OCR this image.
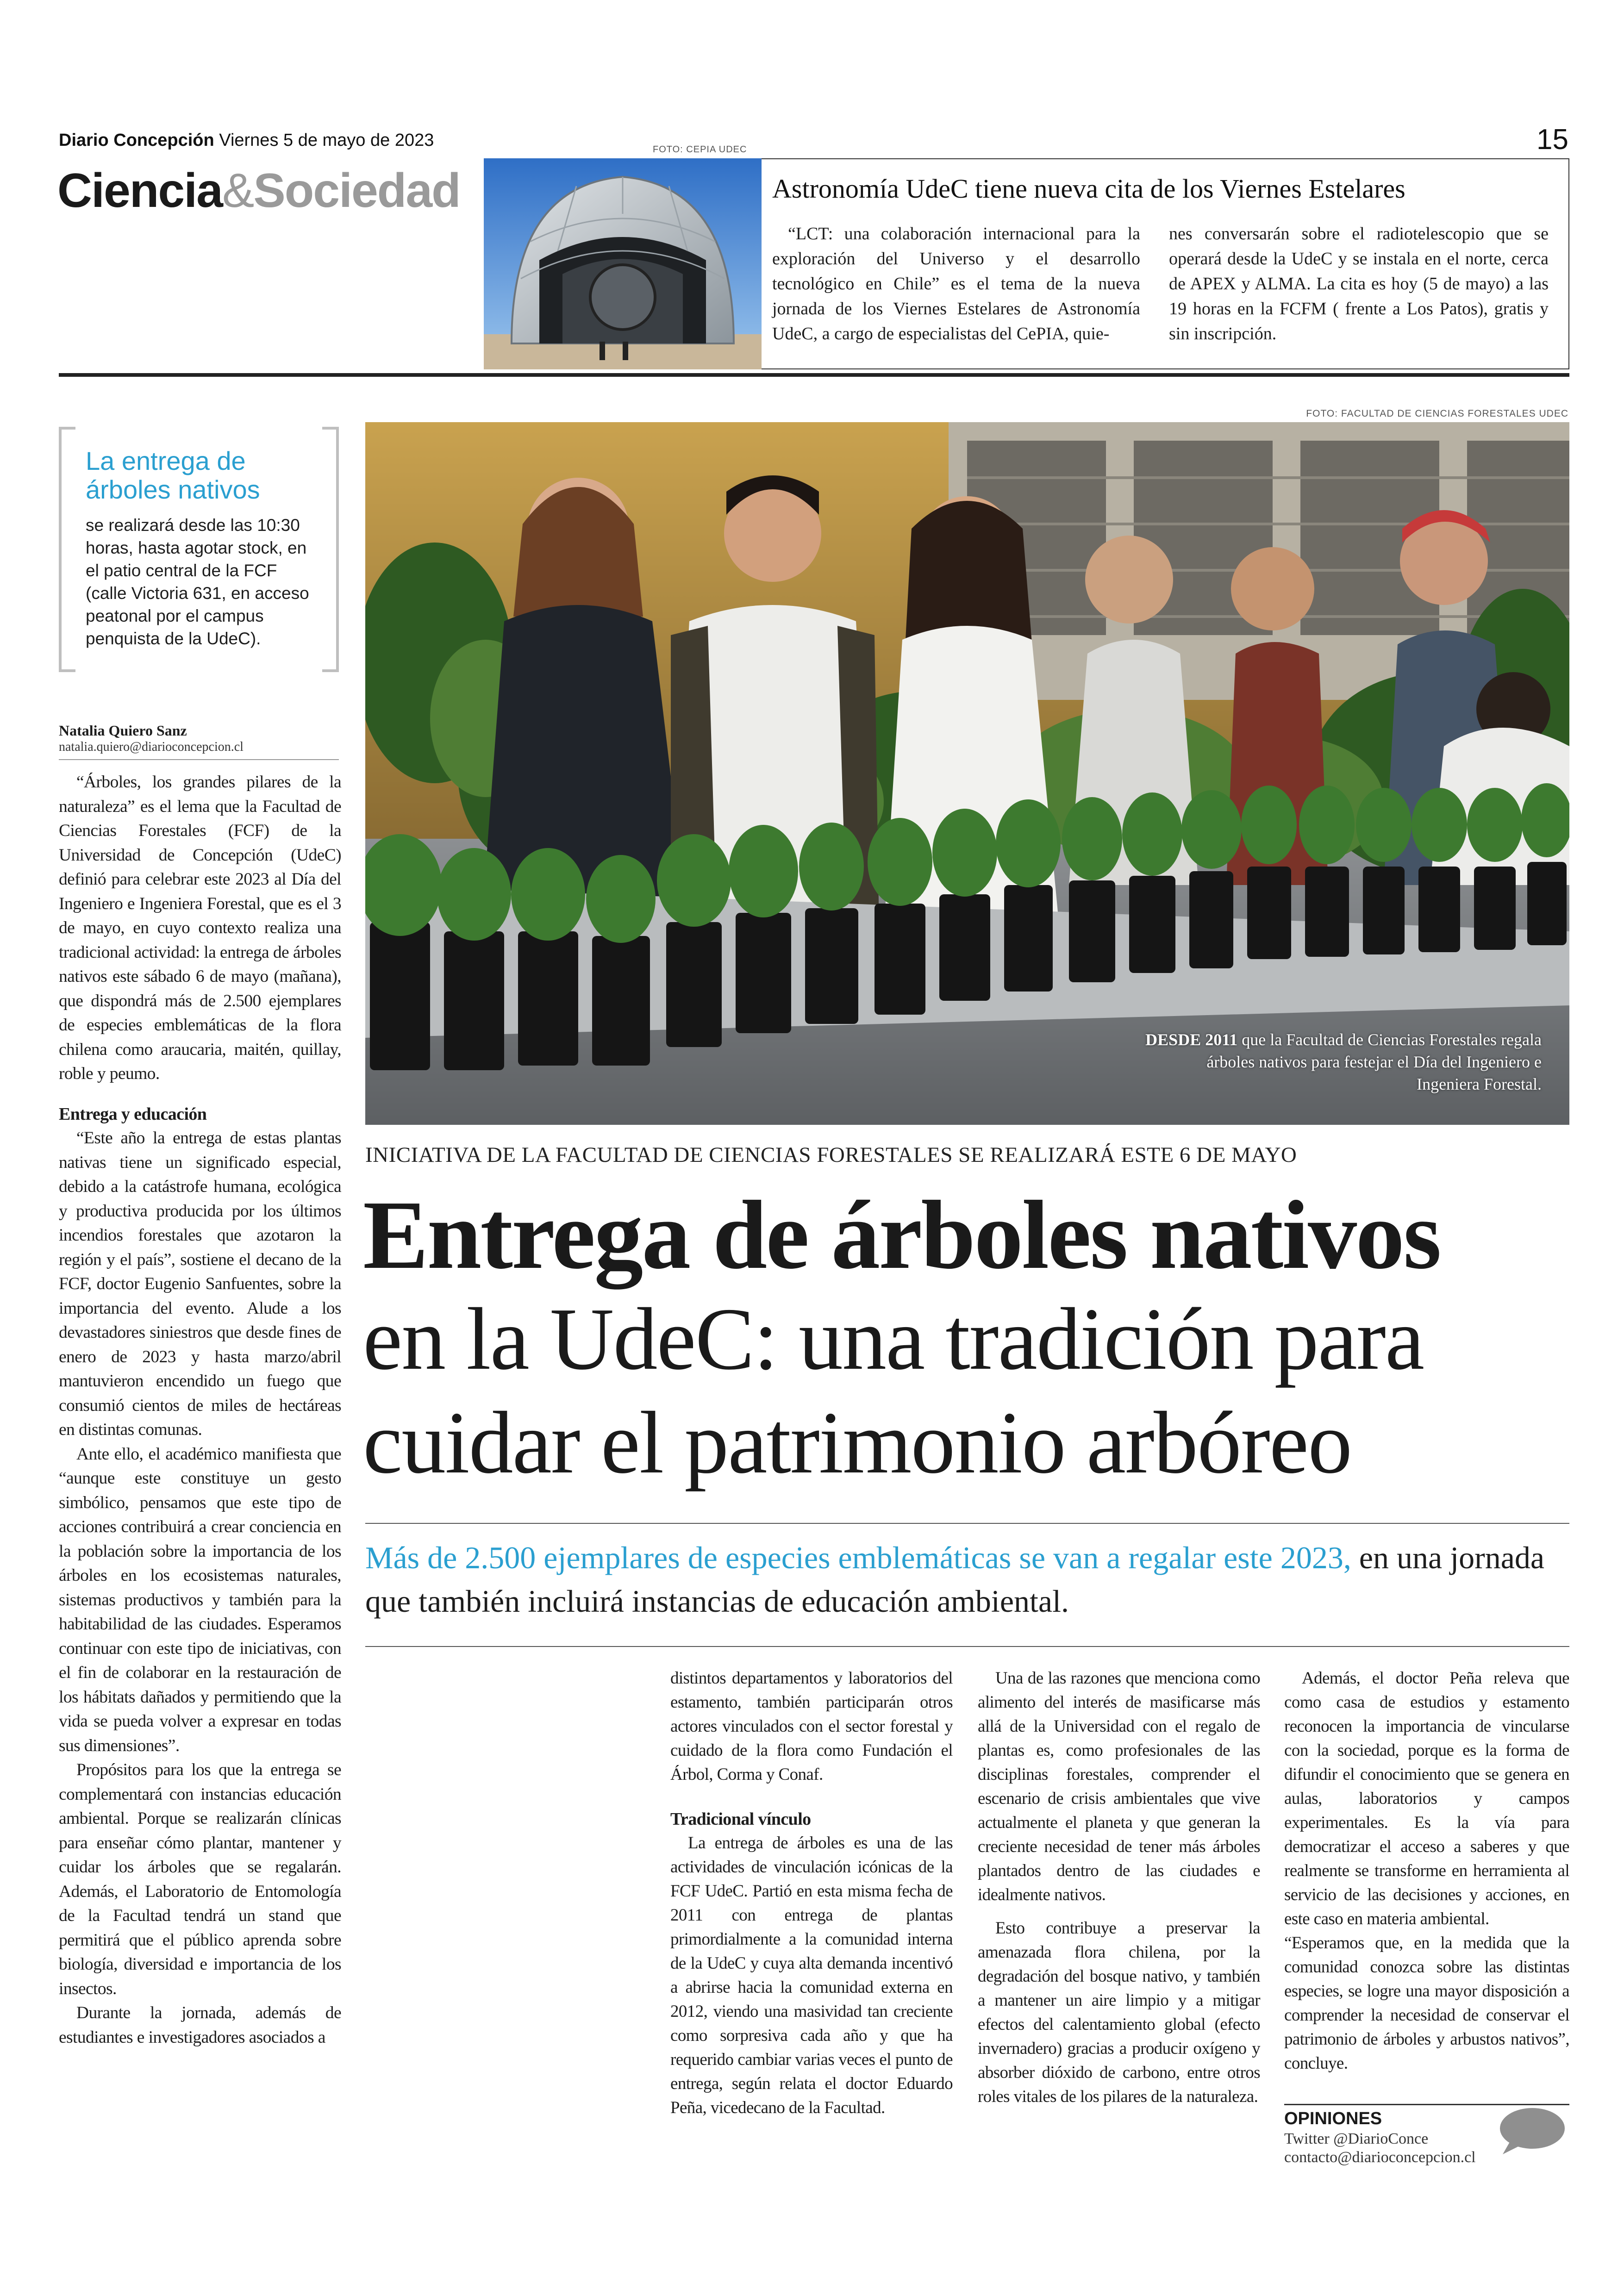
Diario Concepción Viernes 5 de mayo de 2023	15
Ciencia&Sociedad
FOTO: CEPIA UDEC
Astronomía UdeC tiene nueva cita de los Viernes Estelares
“LCT: una colaboración internacional para la exploración del Universo y el desarrollo tecnológico en Chile” es el tema de la nueva jornada de los Viernes Estelares de Astronomía UdeC, a cargo de especialistas del CePIA, quie-
nes conversarán sobre el radiotelescopio que se operará desde la UdeC y se instala en el norte, cerca de APEX y ALMA. La cita es hoy (5 de mayo) a las 19 horas en la FCFM ( frente a Los Patos), gratis y sin inscripción.
FOTO: FACULTAD DE CIENCIAS FORESTALES UDEC
DESDE 2011 que la Facultad de Ciencias Forestales regala árboles nativos para festejar el Día del Ingeniero e Ingeniera Forestal.
La entrega de árboles nativos
se realizará desde las 10:30 horas, hasta agotar stock, en el patio central de la FCF (calle Victoria 631, en acceso peatonal por el campus penquista de la UdeC).
Natalia Quiero Sanz
natalia.quiero@diarioconcepcion.cl

“Árboles, los grandes pilares de la naturaleza” es el lema que la Facultad de Ciencias Forestales (FCF) de la Universidad de Concepción (UdeC) definió para celebrar este 2023 al Día del Ingeniero e Ingeniera Forestal, que es el 3 de mayo, en cuyo contexto realiza una tradicional actividad: la entrega de árboles nativos este sábado 6 de mayo (mañana), que dispondrá más de 2.500 ejemplares de especies emblemáticas de la flora chilena como araucaria, maitén, quillay, roble y peumo.

Entrega y educación

“Este año la entrega de estas plantas nativas tiene un significado especial, debido a la catástrofe humana, ecológica y productiva producida por los últimos incendios forestales que azotaron la región y el país”, sostiene el decano de la FCF, doctor Eugenio Sanfuentes, sobre la importancia del evento. Alude a los devastadores siniestros que desde fines de enero de 2023 y hasta marzo/abril mantuvieron encendido un fuego que consumió cientos de miles de hectáreas en distintas comunas.

Ante ello, el académico manifiesta que “aunque este constituye un gesto simbólico, pensamos que este tipo de acciones contribuirá a crear conciencia en la población sobre la importancia de los árboles en los ecosistemas naturales, sistemas productivos y también para la habitabilidad de las ciudades. Esperamos continuar con este tipo de iniciativas, con el fin de colaborar en la restauración de los hábitats dañados y permitiendo que la vida se pueda volver a expresar en todas sus dimensiones”.

Propósitos para los que la entrega se complementará con instancias educación ambiental. Porque se realizarán clínicas para enseñar cómo plantar, mantener y cuidar los árboles que se regalarán. Además, el Laboratorio de Entomología de la Facultad tendrá un stand que permitirá que el público aprenda sobre biología, diversidad e importancia de los insectos.

Durante la jornada, además de estudiantes e investigadores asociados a

INICIATIVA DE LA FACULTAD DE CIENCIAS FORESTALES SE REALIZARÁ ESTE 6 DE MAYO
Entrega de árboles nativos
en la UdeC: una tradición para
cuidar el patrimonio arbóreo
Más de 2.500 ejemplares de especies emblemáticas se van a regalar este 2023, en una jornada que también incluirá instancias de educación ambiental.

distintos departamentos y laboratorios del estamento, también participarán otros actores vinculados con el sector forestal y cuidado de la flora como Fundación el Árbol, Corma y Conaf.

Tradicional vínculo

La entrega de árboles es una de las actividades de vinculación icónicas de la FCF UdeC. Partió en esta misma fecha de 2011 con entrega de plantas primordialmente a la comunidad interna de la UdeC y cuya alta demanda incentivó a abrirse hacia la comunidad externa en 2012, viendo una masividad tan creciente como sorpresiva cada año y que ha requerido cambiar varias veces el punto de entrega, según relata el doctor Eduardo Peña, vicedecano de la Facultad.

Una de las razones que menciona como alimento del interés de masificarse más allá de la Universidad con el regalo de plantas es, como profesionales de las disciplinas forestales, comprender el escenario de crisis ambientales que vive actualmente el planeta y que generan la creciente necesidad de tener más árboles plantados dentro de las ciudades e idealmente nativos.

Esto contribuye a preservar la amenazada flora chilena, por la degradación del bosque nativo, y también a mantener un aire limpio y a mitigar efectos del calentamiento global (efecto invernadero) gracias a producir oxígeno y absorber dióxido de carbono, entre otros roles vitales de los pilares de la naturaleza.

Además, el doctor Peña releva que como casa de estudios y estamento reconocen la importancia de vincularse con la sociedad, porque es la forma de difundir el conocimiento que se genera en aulas, laboratorios y campos experimentales. Es la vía para democratizar el acceso a saberes y que realmente se transforme en herramienta al servicio de las decisiones y acciones, en este caso en materia ambiental.

“Esperamos que, en la medida que la comunidad conozca sobre las distintas especies, se logre una mayor disposición a comprender la necesidad de conservar el patrimonio de árboles y arbustos nativos”, concluye.

OPINIONES
Twitter @DiarioConce
contacto@diarioconcepcion.cl
